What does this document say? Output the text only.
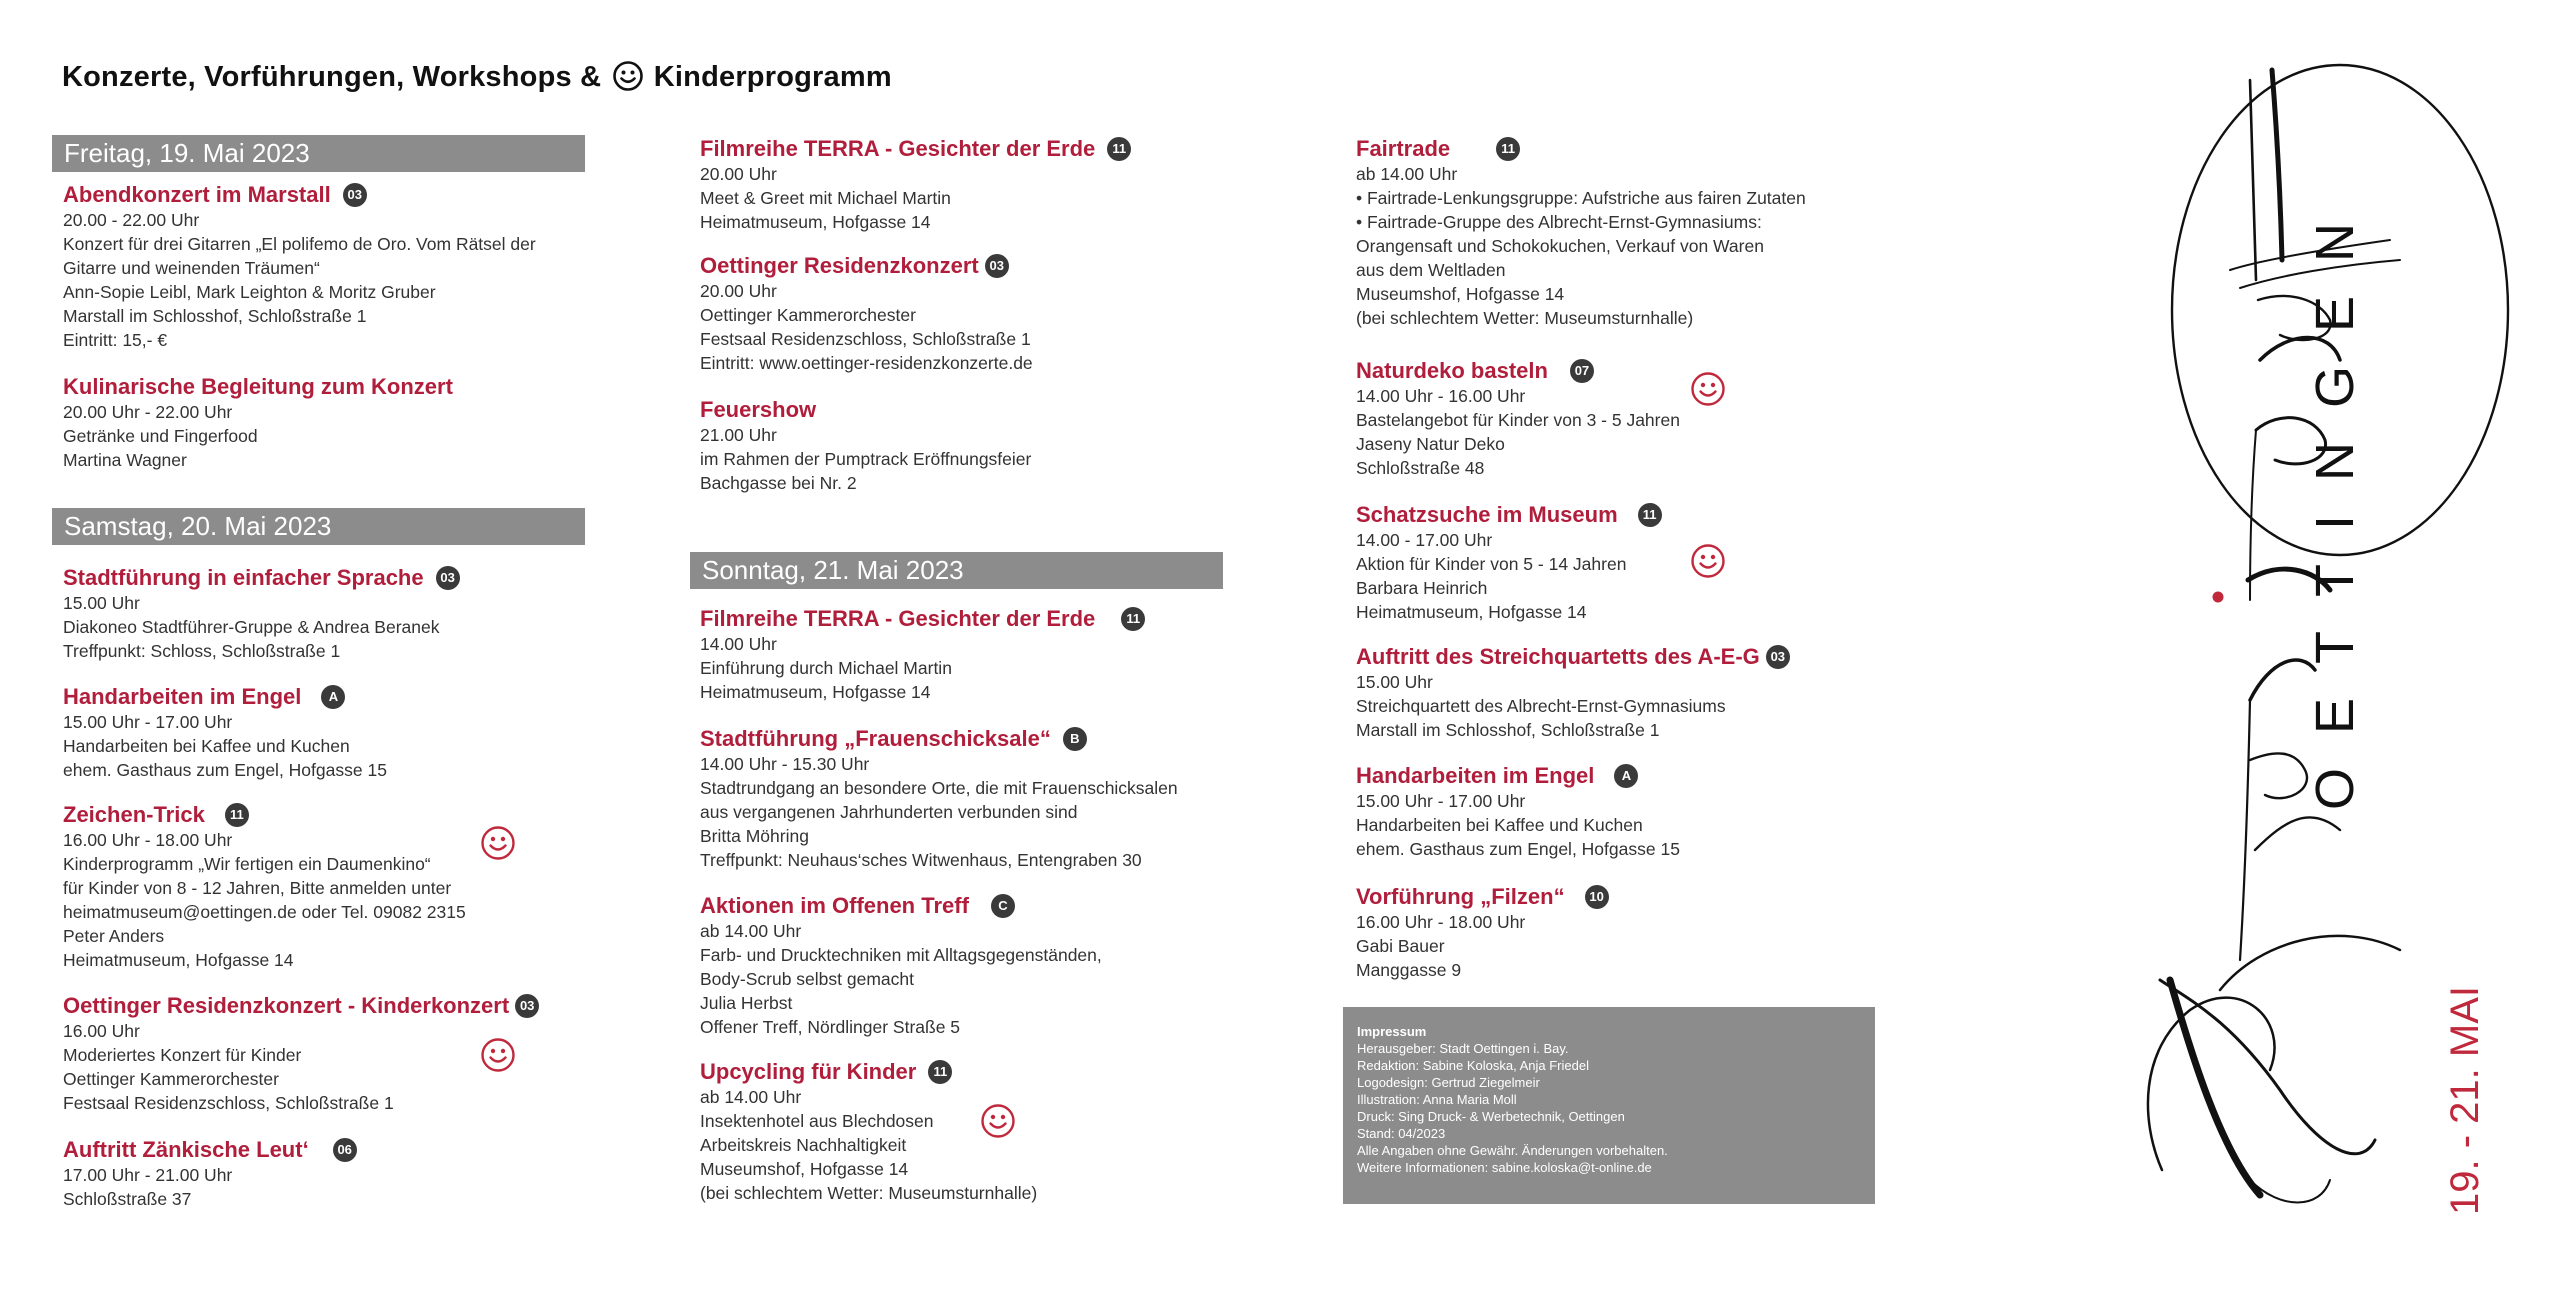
Konzerte, Vorführungen, Workshops & Kinderprogramm
Freitag, 19. Mai 2023
Abendkonzert im Marstall 03
20.00 - 22.00 Uhr
Konzert für drei Gitarren „El polifemo de Oro. Vom Rätsel der
Gitarre und weinenden Träumen“
Ann-Sopie Leibl, Mark Leighton & Moritz Gruber
Marstall im Schlosshof, Schloßstraße 1
Eintritt: 15,- €
Kulinarische Begleitung zum Konzert
20.00 Uhr - 22.00 Uhr
Getränke und Fingerfood
Martina Wagner
Samstag, 20. Mai 2023
Stadtführung in einfacher Sprache 03
15.00 Uhr
Diakoneo Stadtführer-Gruppe & Andrea Beranek
Treffpunkt: Schloss, Schloßstraße 1
Handarbeiten im Engel A
15.00 Uhr - 17.00 Uhr
Handarbeiten bei Kaffee und Kuchen
ehem. Gasthaus zum Engel, Hofgasse 15
Zeichen-Trick 11
16.00 Uhr - 18.00 Uhr
Kinderprogramm „Wir fertigen ein Daumenkino“
für Kinder von 8 - 12 Jahren, Bitte anmelden unter
heimatmuseum@oettingen.de oder Tel. 09082 2315
Peter Anders
Heimatmuseum, Hofgasse 14
Oettinger Residenzkonzert - Kinderkonzert 03
16.00 Uhr
Moderiertes Konzert für Kinder
Oettinger Kammerorchester
Festsaal Residenzschloss, Schloßstraße 1
Auftritt Zänkische Leut‘ 06
17.00 Uhr - 21.00 Uhr
Schloßstraße 37
Filmreihe TERRA - Gesichter der Erde 11
20.00 Uhr
Meet & Greet mit Michael Martin
Heimatmuseum, Hofgasse 14
Oettinger Residenzkonzert 03
20.00 Uhr
Oettinger Kammerorchester
Festsaal Residenzschloss, Schloßstraße 1
Eintritt: www.oettinger-residenzkonzerte.de
Feuershow
21.00 Uhr
im Rahmen der Pumptrack Eröffnungsfeier
Bachgasse bei Nr. 2
Sonntag, 21. Mai 2023
Filmreihe TERRA - Gesichter der Erde 11
14.00 Uhr
Einführung durch Michael Martin
Heimatmuseum, Hofgasse 14
Stadtführung „Frauenschicksale“ B
14.00 Uhr - 15.30 Uhr
Stadtrundgang an besondere Orte, die mit Frauenschicksalen
aus vergangenen Jahrhunderten verbunden sind
Britta Möhring
Treffpunkt: Neuhaus‘sches Witwenhaus, Entengraben 30
Aktionen im Offenen Treff C
ab 14.00 Uhr
Farb- und Drucktechniken mit Alltagsgegenständen,
Body-Scrub selbst gemacht
Julia Herbst
Offener Treff, Nördlinger Straße 5
Upcycling für Kinder 11
ab 14.00 Uhr
Insektenhotel aus Blechdosen
Arbeitskreis Nachhaltigkeit
Museumshof, Hofgasse 14
(bei schlechtem Wetter: Museumsturnhalle)
Fairtrade	11
ab 14.00 Uhr
• Fairtrade-Lenkungsgruppe: Aufstriche aus fairen Zutaten
• Fairtrade-Gruppe des Albrecht-Ernst-Gymnasiums:
Orangensaft und Schokokuchen, Verkauf von Waren
aus dem Weltladen
Museumshof, Hofgasse 14
(bei schlechtem Wetter: Museumsturnhalle)
Naturdeko basteln 07
14.00 Uhr - 16.00 Uhr
Bastelangebot für Kinder von 3 - 5 Jahren
Jaseny Natur Deko
Schloßstraße 48
Schatzsuche im Museum 11
14.00 - 17.00 Uhr
Aktion für Kinder von 5 - 14 Jahren
Barbara Heinrich
Heimatmuseum, Hofgasse 14
Auftritt des Streichquartetts des A-E-G 03
15.00 Uhr
Streichquartett des Albrecht-Ernst-Gymnasiums
Marstall im Schlosshof, Schloßstraße 1
Handarbeiten im Engel A
15.00 Uhr - 17.00 Uhr
Handarbeiten bei Kaffee und Kuchen
ehem. Gasthaus zum Engel, Hofgasse 15
Vorführung „Filzen“ 10
16.00 Uhr - 18.00 Uhr
Gabi Bauer
Manggasse 9
Impressum
Herausgeber: Stadt Oettingen i. Bay.
Redaktion: Sabine Koloska, Anja Friedel
Logodesign: Gertrud Ziegelmeir
Illustration: Anna Maria Moll
Druck: Sing Druck- & Werbetechnik, Oettingen
Stand: 04/2023
Alle Angaben ohne Gewähr. Änderungen vorbehalten.
Weitere Informationen: sabine.koloska@t-online.de
OETTINGEN
19. - 21. MAI
